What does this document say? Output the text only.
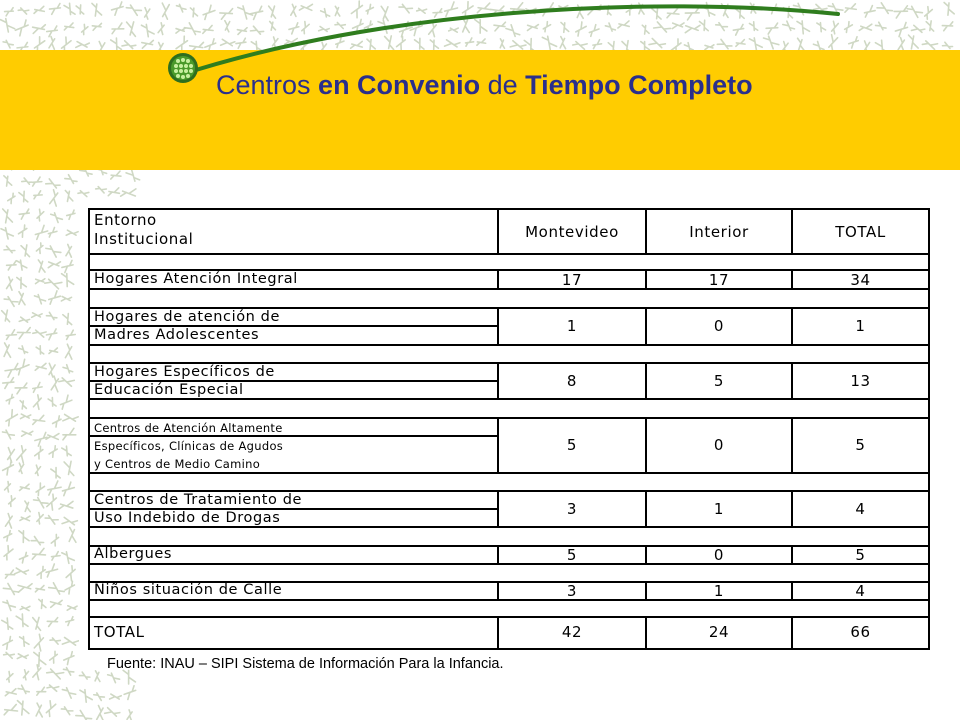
Centros en Convenio de Tiempo Completo
Entorno
Institucional	Montevideo	Interior	TOTAL
Hogares Atención Integral	17	17	34
Hogares de atención de
Madres Adolescentes	1	0	1
Hogares Específicos de
Educación Especial	8	5	13
Centros de Atención Altamente
Específicos, Clínicas de Agudos
y Centros de Medio Camino
5	0	5
Centros de Tratamiento de
Uso Indebido de Drogas	3	1	4
Albergues	5	0	5
Niños situación de Calle	3	1	4
TOTAL	42	24	66
Fuente: INAU – SIPI Sistema de Información Para la Infancia.
